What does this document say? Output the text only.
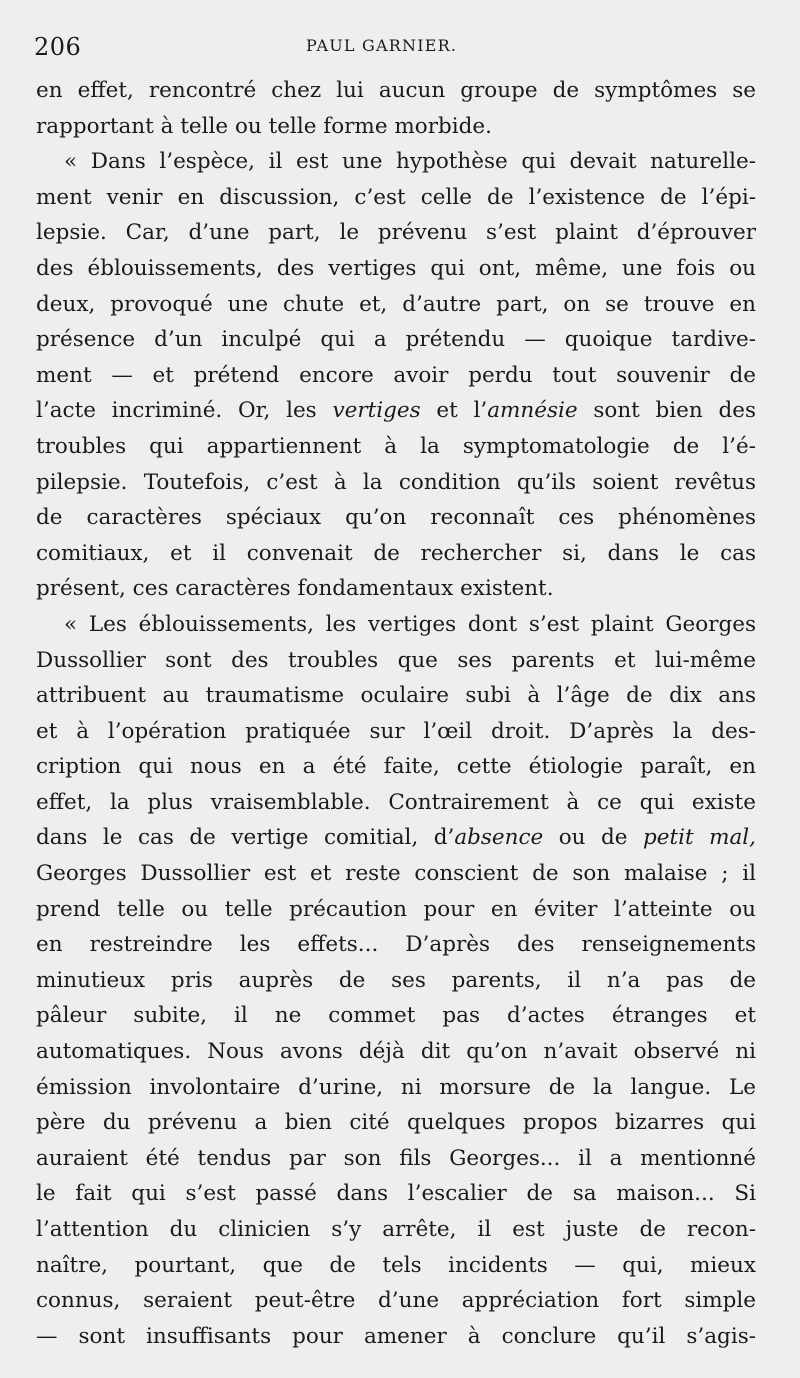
206	PAUL GARNIER.
en effet, rencontré chez lui aucun groupe de symptômes se
rapportant à telle ou telle forme morbide.
« Dans l’espèce, il est une hypothèse qui devait naturelle-
ment venir en discussion, c’est celle de l’existence de l’épi-
lepsie. Car, d’une part, le prévenu s’est plaint d’éprouver
des éblouissements, des vertiges qui ont, même, une fois ou
deux, provoqué une chute et, d’autre part, on se trouve en
présence d’un inculpé qui a prétendu — quoique tardive-
ment — et prétend encore avoir perdu tout souvenir de
l’acte incriminé. Or, les vertiges et l’amnésie sont bien des
troubles qui appartiennent à la symptomatologie de l’é-
pilepsie. Toutefois, c’est à la condition qu’ils soient revêtus
de caractères spéciaux qu’on reconnaît ces phénomènes
comitiaux, et il convenait de rechercher si, dans le cas
présent, ces caractères fondamentaux existent.
« Les éblouissements, les vertiges dont s’est plaint Georges
Dussollier sont des troubles que ses parents et lui-même
attribuent au traumatisme oculaire subi à l’âge de dix ans
et à l’opération pratiquée sur l’œil droit. D’après la des-
cription qui nous en a été faite, cette étiologie paraît, en
effet, la plus vraisemblable. Contrairement à ce qui existe
dans le cas de vertige comitial, d’absence ou de petit mal,
Georges Dussollier est et reste conscient de son malaise ; il
prend telle ou telle précaution pour en éviter l’atteinte ou
en restreindre les effets... D’après des renseignements
minutieux pris auprès de ses parents, il n’a pas de
pâleur subite, il ne commet pas d’actes étranges et
automatiques. Nous avons déjà dit qu’on n’avait observé ni
émission involontaire d’urine, ni morsure de la langue. Le
père du prévenu a bien cité quelques propos bizarres qui
auraient été tendus par son fils Georges... il a mentionné
le fait qui s’est passé dans l’escalier de sa maison... Si
l’attention du clinicien s’y arrête, il est juste de recon-
naître, pourtant, que de tels incidents — qui, mieux
connus, seraient peut-être d’une appréciation fort simple
— sont insuffisants pour amener à conclure qu’il s’agis-
